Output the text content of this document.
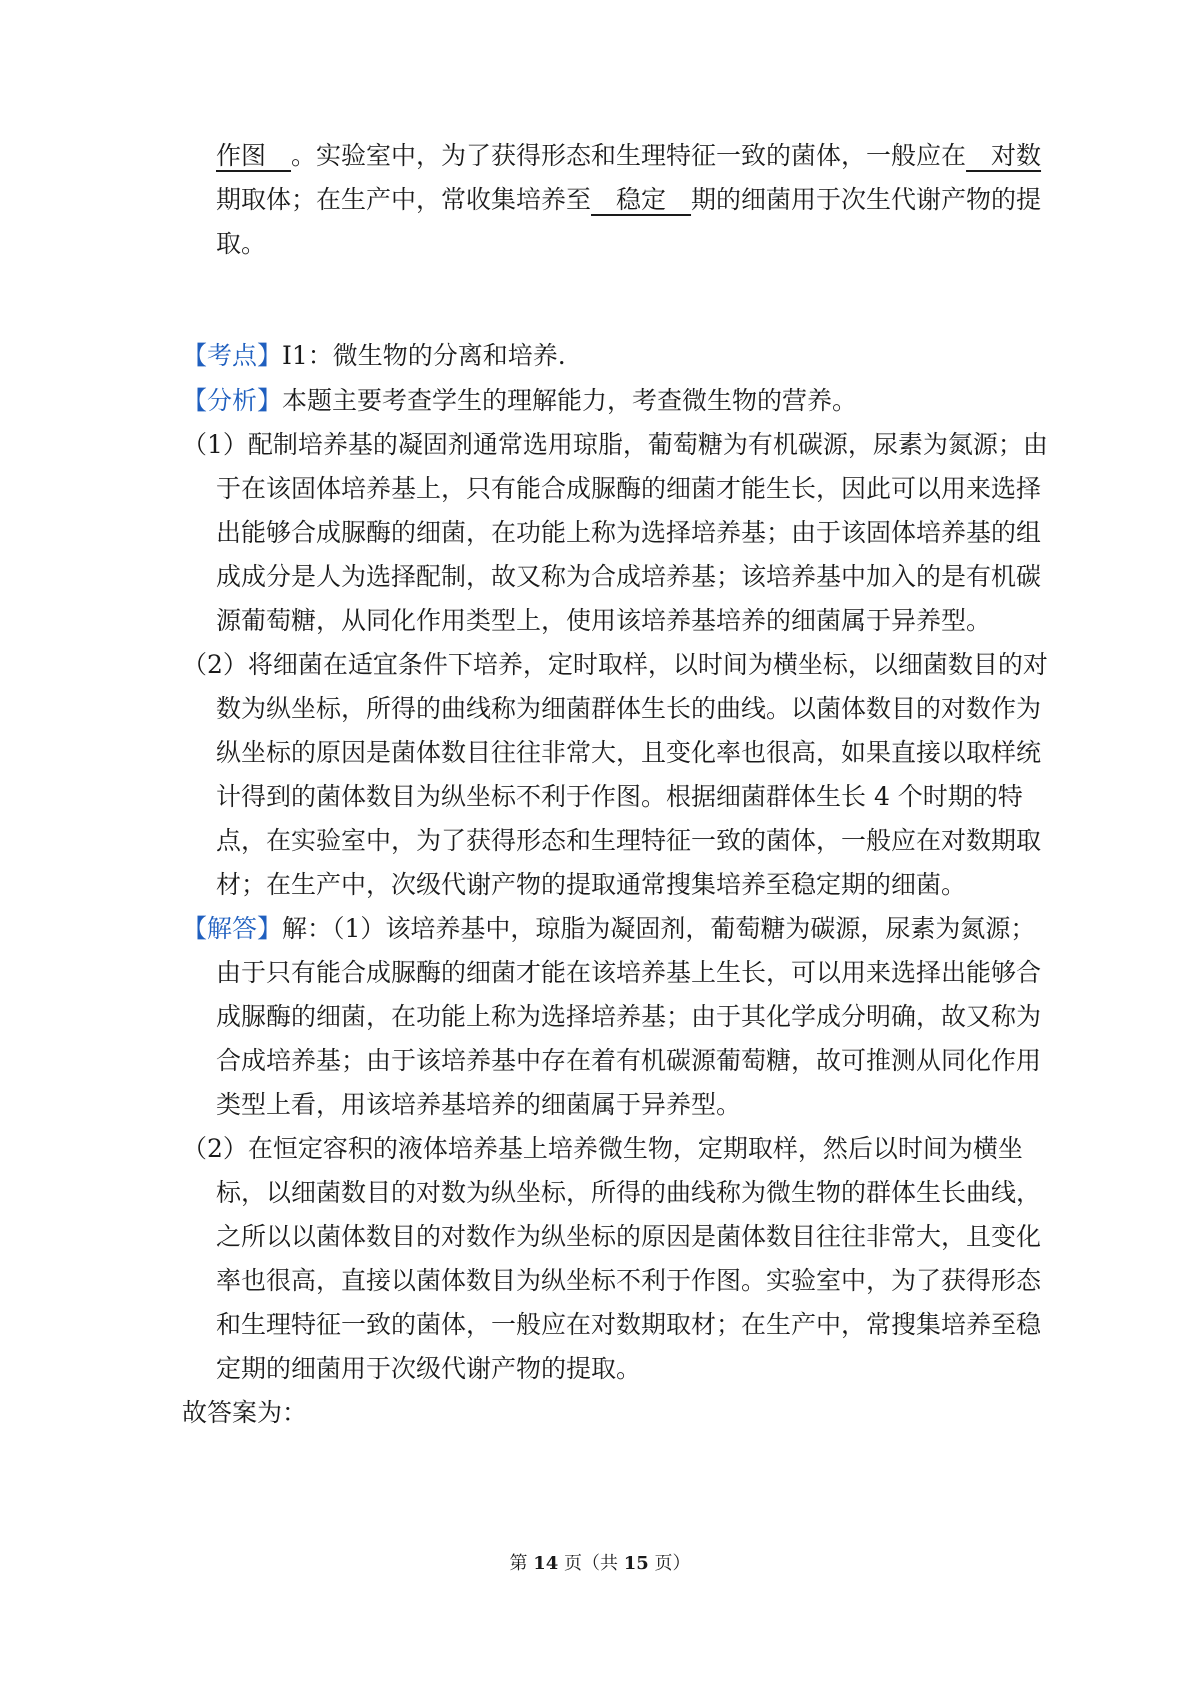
作图　。实验室中，为了获得形态和生理特征一致的菌体，一般应在　对数
期取体；在生产中，常收集培养至　稳定　期的细菌用于次生代谢产物的提
取。
【考点】I1：微生物的分离和培养.
【分析】本题主要考查学生的理解能力，考查微生物的营养。
（1）配制培养基的凝固剂通常选用琼脂，葡萄糖为有机碳源，尿素为氮源；由
于在该固体培养基上，只有能合成脲酶的细菌才能生长，因此可以用来选择
出能够合成脲酶的细菌，在功能上称为选择培养基；由于该固体培养基的组
成成分是人为选择配制，故又称为合成培养基；该培养基中加入的是有机碳
源葡萄糖，从同化作用类型上，使用该培养基培养的细菌属于异养型。
（2）将细菌在适宜条件下培养，定时取样，以时间为横坐标，以细菌数目的对
数为纵坐标，所得的曲线称为细菌群体生长的曲线。以菌体数目的对数作为
纵坐标的原因是菌体数目往往非常大，且变化率也很高，如果直接以取样统
计得到的菌体数目为纵坐标不利于作图。根据细菌群体生长 4 个时期的特
点，在实验室中，为了获得形态和生理特征一致的菌体，一般应在对数期取
材；在生产中，次级代谢产物的提取通常搜集培养至稳定期的细菌。
【解答】解：（1）该培养基中，琼脂为凝固剂，葡萄糖为碳源，尿素为氮源；
由于只有能合成脲酶的细菌才能在该培养基上生长，可以用来选择出能够合
成脲酶的细菌，在功能上称为选择培养基；由于其化学成分明确，故又称为
合成培养基；由于该培养基中存在着有机碳源葡萄糖，故可推测从同化作用
类型上看，用该培养基培养的细菌属于异养型。
（2）在恒定容积的液体培养基上培养微生物，定期取样，然后以时间为横坐
标，以细菌数目的对数为纵坐标，所得的曲线称为微生物的群体生长曲线，
之所以以菌体数目的对数作为纵坐标的原因是菌体数目往往非常大，且变化
率也很高，直接以菌体数目为纵坐标不利于作图。实验室中，为了获得形态
和生理特征一致的菌体，一般应在对数期取材；在生产中，常搜集培养至稳
定期的细菌用于次级代谢产物的提取。
故答案为：
第 14 页（共 15 页）
